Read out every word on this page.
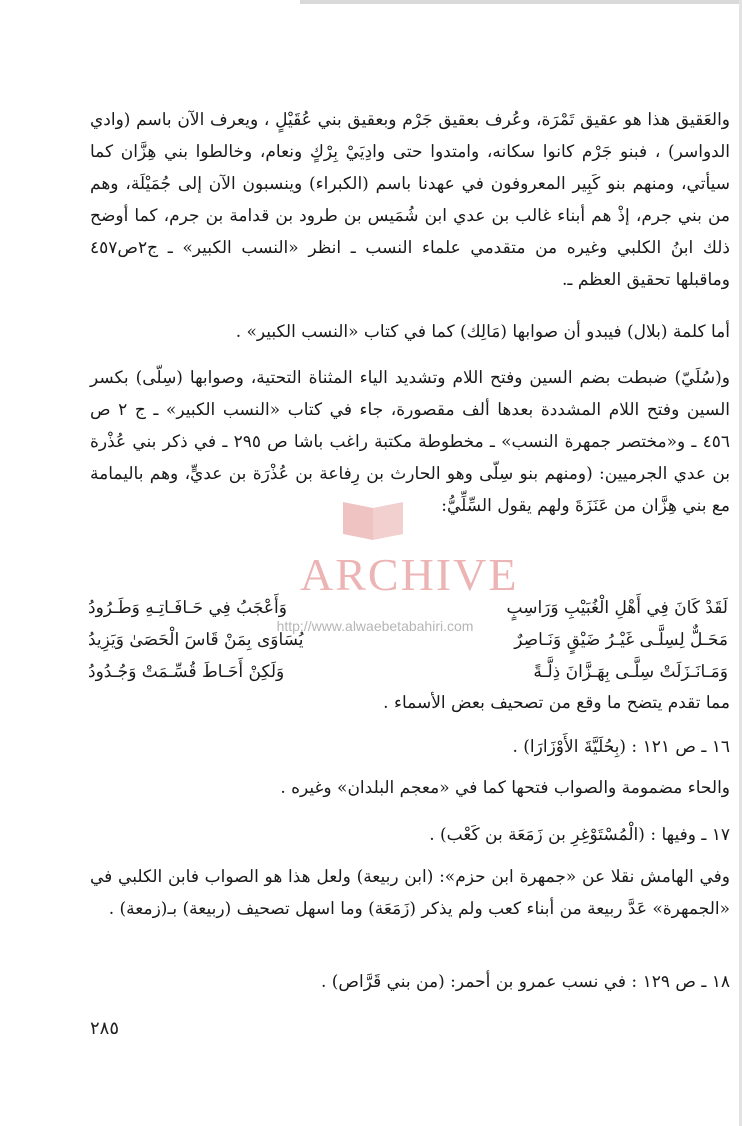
والعَقيق هذا هو عقيق تَمْرَة، وعُرف بعقيق جَرْم وبعقيق بني عُقَيْلٍ ، ويعرف الآن باسم (وادي الدواسر) ، فبنو جَرْم كانوا سكانه، وامتدوا حتى وادِيَيْ بِرْكٍ ونعام، وخالطوا بني هِزَّان كما سيأتي، ومنهم بنو كَبِير المعروفون في عهدنا باسم (الكبراء) وينسبون الآن إلى جُمَيْلَة، وهم من بني جرم، إذْ هم أبناء غالب بن عدي ابن شُمَيس بن طرود بن قدامة بن جرم، كما أوضح ذلك ابنُ الكلبي وغيره من متقدمي علماء النسب ـ انظر «النسب الكبير» ـ ج٢ص٤٥٧ وماقبلها تحقيق العظم ـ.

أما كلمة (بلال) فيبدو أن صوابها (مَالِك) كما في كتاب «النسب الكبير» .

و(سُلَيّ) ضبطت بضم السين وفتح اللام وتشديد الياء المثناة التحتية، وصوابها (سِلّى) بكسر السين وفتح اللام المشددة بعدها ألف مقصورة، جاء في كتاب «النسب الكبير» ـ ج ٢ ص ٤٥٦ ـ و«مختصر جمهرة النسب» ـ مخطوطة مكتبة راغب باشا ص ٢٩٥ ـ في ذكر بني عُذْرة بن عدي الجرميين: (ومنهم بنو سِلّى وهو الحارث بن رِفاعة بن عُذْرَة بن عديٍّ، وهم باليمامة مع بني هِزَّان من عَنَزَةَ ولهم يقول السِّلِّيُّ:

لَقَدْ كَانَ فِي أَهْلِ الْغُبَيْبِ وَرَاسِبٍ
وَأَعْجَبُ فِي حَـافَـاتِـهِ وَطَـرُودُ
مَحَـلٌّ لِسِلَّـى غَيْـرُ ضَيْقٍ وَنَـاصِرٌ
يُسَاوَى بِمَنْ قَاسَ الْحَصَىٰ وَيَزِيدُ
وَمَـانَـزَلَتْ سِلَّـى بِهَـزَّانَ ذِلَّـةً
وَلَكِنْ أَحَـاطَ قُسِّـمَتْ وَجُـدُودُ

مما تقدم يتضح ما وقع من تصحيف بعض الأسماء .

١٦ ـ ص ١٢١ : (بِحُلَيَّةَ الأَوْزَارَا) .

والحاء مضمومة والصواب فتحها كما في «معجم البلدان» وغيره .

١٧ ـ وفيها : (الْمُسْتَوْغِرِ بن زَمَعَة بن كَعْب) .

وفي الهامش نقلا عن «جمهرة ابن حزم»: (ابن ربيعة) ولعل هذا هو الصواب فابن الكلبي في «الجمهرة» عَدَّ ربيعة من أبناء كعب ولم يذكر (زَمَعَة) وما اسهل تصحيف (ربيعة) بـ(زمعة) .

١٨ ـ ص ١٢٩ : في نسب عمرو بن أحمر: (من بني قَرَّاص) .

٢٨٥
ARCHIVE
http://www.alwaebetabahiri.com
